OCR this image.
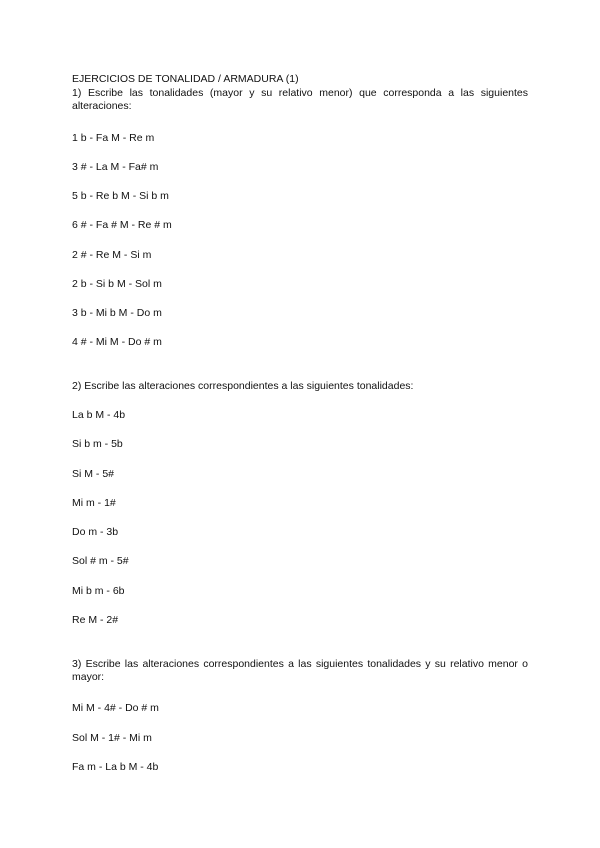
EJERCICIOS DE TONALIDAD / ARMADURA (1)
1) Escribe las tonalidades (mayor y su relativo menor) que corresponda a las siguientes alteraciones:
1 b - Fa M - Re m
3 # - La M - Fa# m
5 b - Re b M - Si b m
6 # - Fa # M - Re # m
2 # - Re M - Si m
2 b - Si b M - Sol m
3 b - Mi b M - Do m
4 # - Mi M - Do # m
2) Escribe las alteraciones correspondientes a las siguientes tonalidades:
La b M - 4b
Si b m - 5b
Si M - 5#
Mi m - 1#
Do m - 3b
Sol # m - 5#
Mi b m - 6b
Re M - 2#
3) Escribe las alteraciones correspondientes a las siguientes tonalidades y su relativo menor o mayor:
Mi M - 4# - Do # m
Sol M - 1# - Mi m
Fa m - La b M - 4b
